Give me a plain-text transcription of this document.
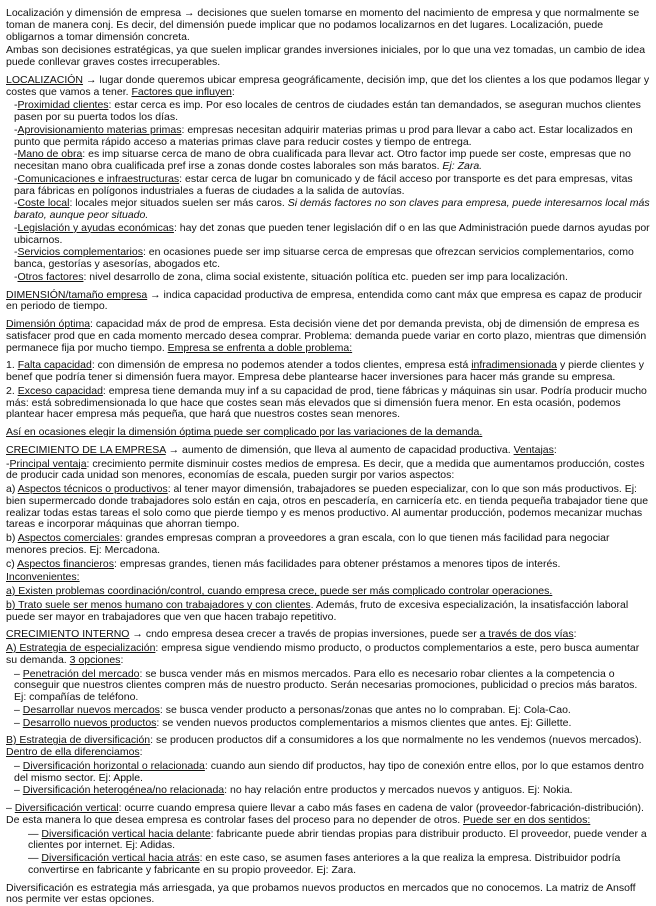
Localización y dimensión de empresa → decisiones que suelen tomarse en momento del nacimiento de empresa y que normalmente se toman de manera conj. Es decir, del dimensión puede implicar que no podamos localizarnos en det lugares. Localización, puede obligarnos a tomar dimensión concreta.

Ambas son decisiones estratégicas, ya que suelen implicar grandes inversiones iniciales, por lo que una vez tomadas, un cambio de idea puede conllevar graves costes irrecuperables.

LOCALIZACIÓN → lugar donde queremos ubicar empresa geográficamente, decisión imp, que det los clientes a los que podamos llegar y costes que vamos a tener. Factores que influyen:

-Proximidad clientes: estar cerca es imp. Por eso locales de centros de ciudades están tan demandados, se aseguran muchos clientes pasen por su puerta todos los días.
-Aprovisionamiento materias primas: empresas necesitan adquirir materias primas u prod para llevar a cabo act. Estar localizados en punto que permita rápido acceso a materias primas clave para reducir costes y tiempo de entrega.
-Mano de obra: es imp situarse cerca de mano de obra cualificada para llevar act. Otro factor imp puede ser coste, empresas que no necesitan mano obra cualificada pref irse a zonas donde costes laborales son más baratos. Ej: Zara.
-Comunicaciones e infraestructuras: estar cerca de lugar bn comunicado y de fácil acceso por transporte es det para empresas, vitas para fábricas en polígonos industriales a fueras de ciudades a la salida de autovías.
-Coste local: locales mejor situados suelen ser más caros. Si demás factores no son claves para empresa, puede interesarnos local más barato, aunque peor situado.
-Legislación y ayudas económicas: hay det zonas que pueden tener legislación dif o en las que Administración puede darnos ayudas por ubicarnos.
-Servicios complementarios: en ocasiones puede ser imp situarse cerca de empresas que ofrezcan servicios complementarios, como banca, gestorías y asesorías, abogados etc.
-Otros factores: nivel desarrollo de zona, clima social existente, situación política etc. pueden ser imp para localización.

DIMENSIÓN/tamaño empresa → indica capacidad productiva de empresa, entendida como cant máx que empresa es capaz de producir en periodo de tiempo.

Dimensión óptima: capacidad máx de prod de empresa. Esta decisión viene det por demanda prevista, obj de dimensión de empresa es satisfacer prod que en cada momento mercado desea comprar. Problema: demanda puede variar en corto plazo, mientras que dimensión permanece fija por mucho tiempo. Empresa se enfrenta a doble problema:

1. Falta capacidad: con dimensión de empresa no podemos atender a todos clientes, empresa está infradimensionada y pierde clientes y benef que podría tener si dimensión fuera mayor. Empresa debe plantearse hacer inversiones para hacer más grande su empresa.

2. Exceso capacidad: empresa tiene demanda muy inf a su capacidad de prod, tiene fábricas y máquinas sin usar. Podría producir mucho más: está sobredimensionada lo que hace que costes sean más elevados que si dimensión fuera menor. En esta ocasión, podemos plantear hacer empresa más pequeña, que hará que nuestros costes sean menores.

Así en ocasiones elegir la dimensión óptima puede ser complicado por las variaciones de la demanda.

CRECIMIENTO DE LA EMPRESA → aumento de dimensión, que lleva al aumento de capacidad productiva. Ventajas:

-Principal ventaja: crecimiento permite disminuir costes medios de empresa. Es decir, que a medida que aumentamos producción, costes de producir cada unidad son menores, economías de escala, pueden surgir por varios aspectos:

a) Aspectos técnicos o productivos: al tener mayor dimensión, trabajadores se pueden especializar, con lo que son más productivos. Ej: bien supermercado donde trabajadores solo están en caja, otros en pescadería, en carnicería etc. en tienda pequeña trabajador tiene que realizar todas estas tareas el solo como que pierde tiempo y es menos productivo. Al aumentar producción, podemos mecanizar muchas tareas e incorporar máquinas que ahorran tiempo.

b) Aspectos comerciales: grandes empresas compran a proveedores a gran escala, con lo que tienen más facilidad para negociar menores precios. Ej: Mercadona.

c) Aspectos financieros: empresas grandes, tienen más facilidades para obtener préstamos a menores tipos de interés.

Inconvenientes:

a) Existen problemas coordinación/control, cuando empresa crece, puede ser más complicado controlar operaciones.

b) Trato suele ser menos humano con trabajadores y con clientes. Además, fruto de excesiva especialización, la insatisfacción laboral puede ser mayor en trabajadores que ven que hacen trabajo repetitivo.

CRECIMIENTO INTERNO → cndo empresa desea crecer a través de propias inversiones, puede ser a través de dos vías:

A) Estrategia de especialización: empresa sigue vendiendo mismo producto, o productos complementarios a este, pero busca aumentar su demanda. 3 opciones:

– Penetración del mercado: se busca vender más en mismos mercados. Para ello es necesario robar clientes a la competencia o conseguir que nuestros clientes compren más de nuestro producto. Serán necesarias promociones, publicidad o precios más baratos. Ej: compañías de teléfono.
– Desarrollar nuevos mercados: se busca vender producto a personas/zonas que antes no lo compraban. Ej: Cola-Cao.
– Desarrollo nuevos productos: se venden nuevos productos complementarios a mismos clientes que antes. Ej: Gillette.

B) Estrategia de diversificación: se producen productos dif a consumidores a los que normalmente no les vendemos (nuevos mercados). Dentro de ella diferenciamos:

– Diversificación horizontal o relacionada: cuando aun siendo dif productos, hay tipo de conexión entre ellos, por lo que estamos dentro del mismo sector. Ej: Apple.
– Diversificación heterogénea/no relacionada: no hay relación entre productos y mercados nuevos y antiguos. Ej: Nokia.

– Diversificación vertical: ocurre cuando empresa quiere llevar a cabo más fases en cadena de valor (proveedor-fabricación-distribución). De esta manera lo que desea empresa es controlar fases del proceso para no depender de otros. Puede ser en dos sentidos:

— Diversificación vertical hacia delante: fabricante puede abrir tiendas propias para distribuir producto. El proveedor, puede vender a clientes por internet. Ej: Adidas.
— Diversificación vertical hacia atrás: en este caso, se asumen fases anteriores a la que realiza la empresa. Distribuidor podría convertirse en fabricante y fabricante en su propio proveedor. Ej: Zara.

Diversificación es estrategia más arriesgada, ya que probamos nuevos productos en mercados que no conocemos. La matriz de Ansoff nos permite ver estas opciones.
